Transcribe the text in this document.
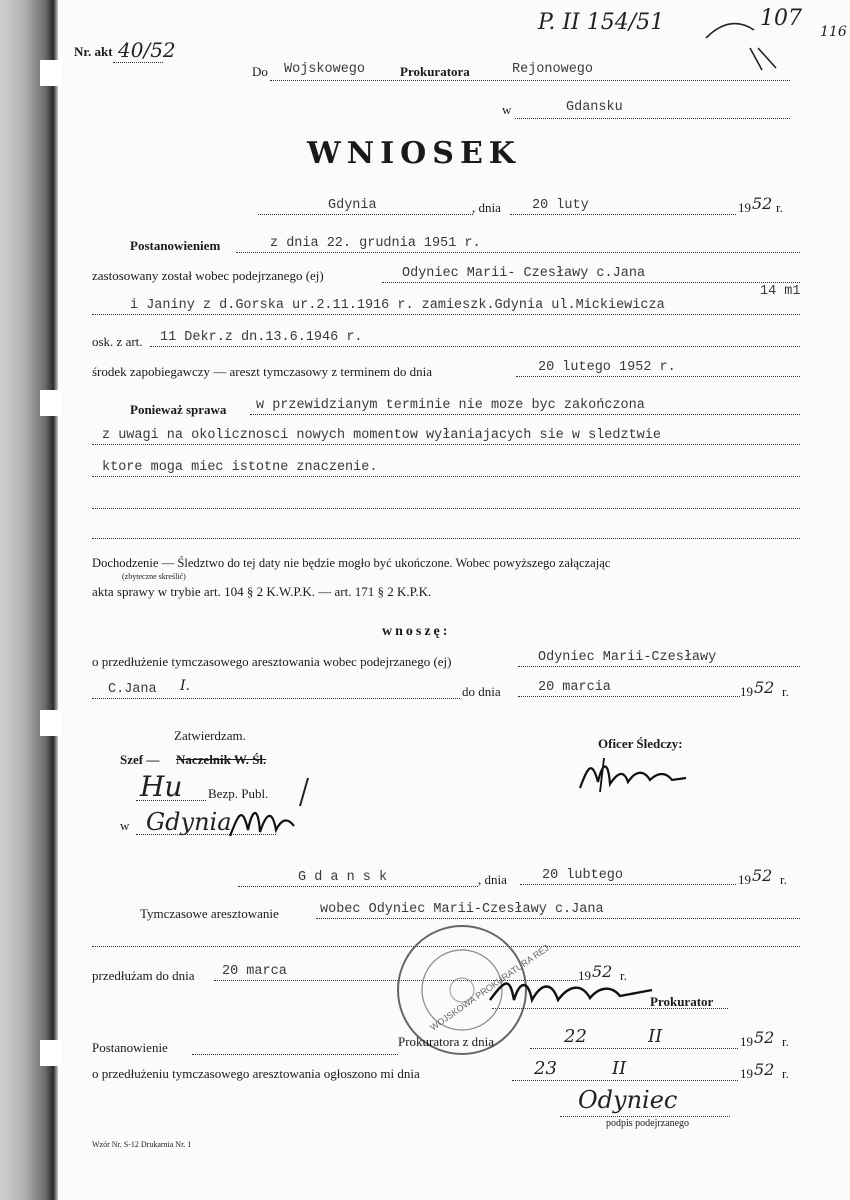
Nr. akt 40/52
P. II 154/51	107
116
Do Wojskowego	Prokuratora	Rejonowego
w	Gdansku
WNIOSEK
Gdynia	, dnia 20 luty	19 52 r.
Postanowieniem	z dnia 22. grudnia 1951 r.
zastosowany został wobec podejrzanego (ej)	Odyniec Marii- Czesławy c.Jana
14 m1
i Janiny z d.Gorska ur.2.11.1916 r. zamieszk.Gdynia ul.Mickiewicza
osk. z art. 11 Dekr.z dn.13.6.1946 r.
środek zapobiegawczy — areszt tymczasowy z terminem do dnia	20 lutego 1952 r.
Ponieważ sprawa w przewidzianym terminie nie moze byc zakończona
z uwagi na okolicznosci nowych momentow wyłaniajacych sie w sledztwie
ktore moga miec istotne znaczenie.
Dochodzenie — Śledztwo do tej daty nie będzie mogło być ukończone. Wobec powyższego załączając
(zbyteczne skreślić)
akta sprawy w trybie art. 104 § 2 K.W.P.K. — art. 171 § 2 K.P.K.
wnoszę:
o przedłużenie tymczasowego aresztowania wobec podejrzanego (ej)	Odyniec Marii-Czesławy
C.Jana I.	do dnia	20 marcia	19 52 r.
Zatwierdzam.
Szef — Naczelnik W. Śl.
Hu Bezp. Publ.
w Gdynia
Oficer Śledczy:
G d a n s k	, dnia	20 lubtego	19 52 r.
Tymczasowe aresztowanie	wobec Odyniec Marii-Czesławy c.Jana
przedłużam do dnia 20 marca	19 52 r.
WOJSKOWA PROKURATURA REJ.	Prokurator
Postanowienie	Prokuratora z dnia	22	II	19 52 r.
o przedłużeniu tymczasowego aresztowania ogłoszono mi dnia	23	II	19 52 r.
Odyniec
podpis podejrzanego
Wzór Nr. S-12 Drukarnia Nr. 1
